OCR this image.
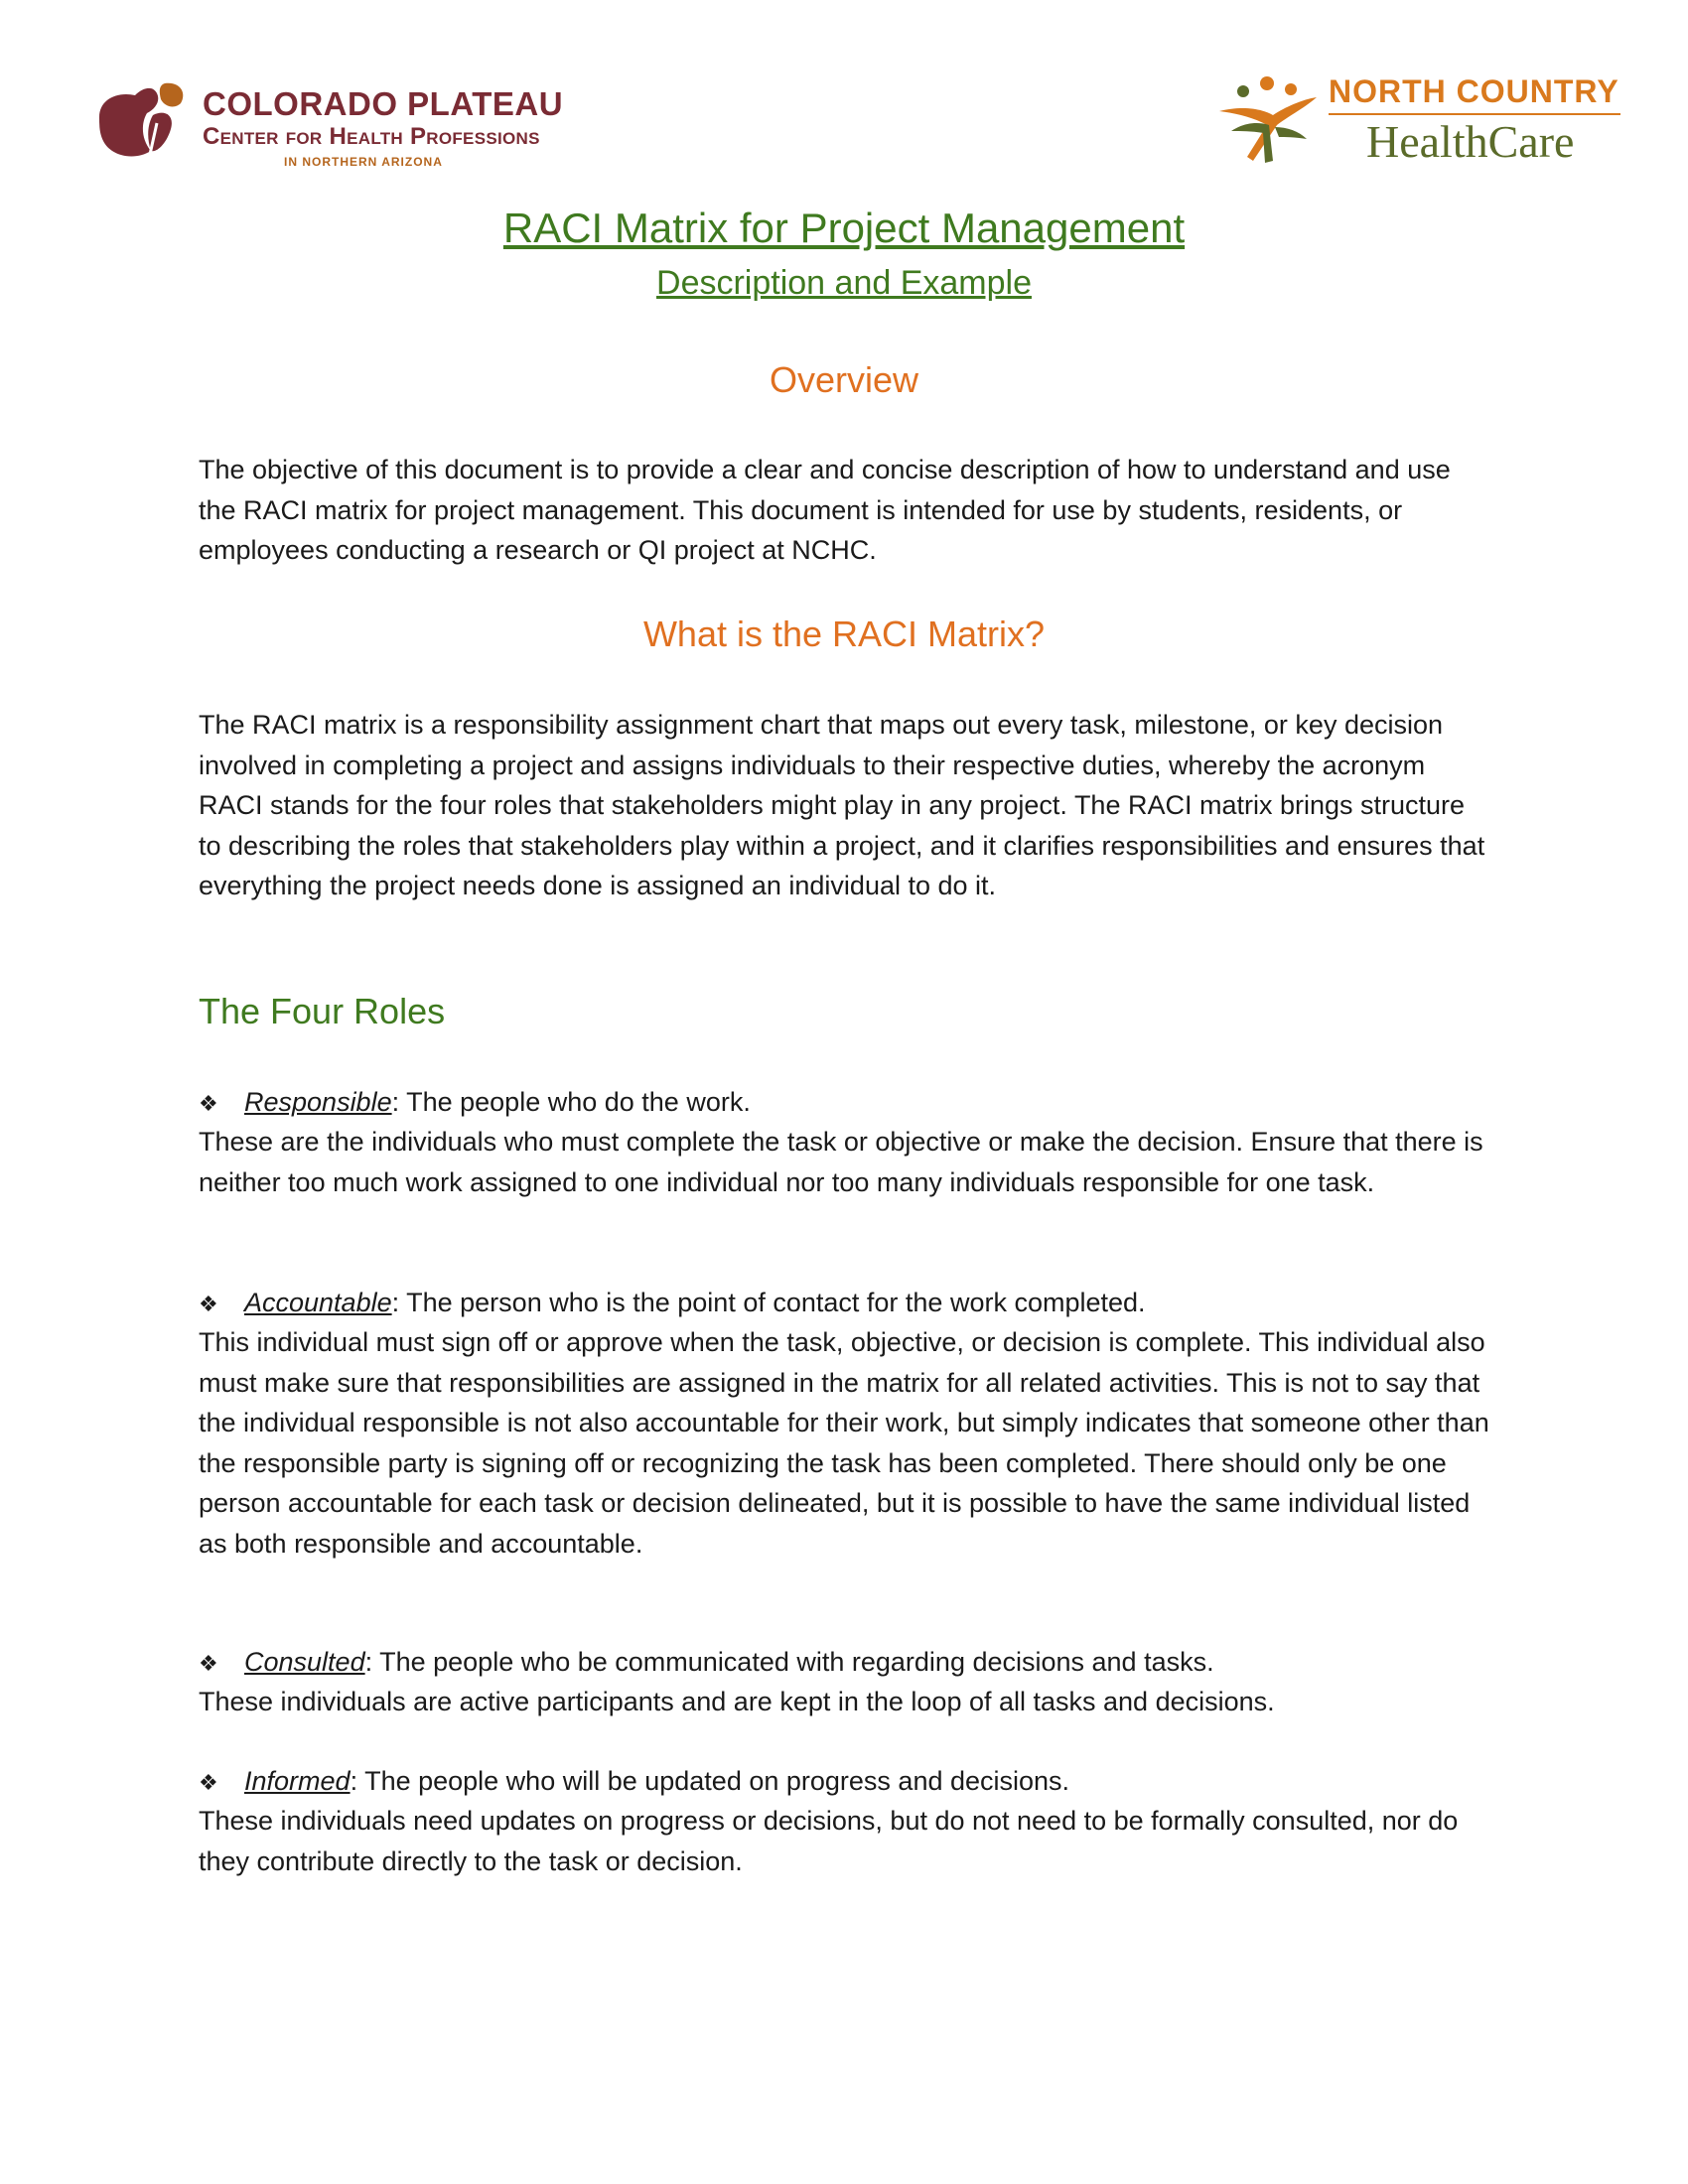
COLORADO PLATEAU
Center for Health Professions
IN NORTHERN ARIZONA
NORTH COUNTRY
HealthCare
RACI Matrix for Project Management
Description and Example
Overview
The objective of this document is to provide a clear and concise description of how to understand and use the RACI matrix for project management. This document is intended for use by students, residents, or employees conducting a research or QI project at NCHC.
What is the RACI Matrix?
The RACI matrix is a responsibility assignment chart that maps out every task, milestone, or key decision involved in completing a project and assigns individuals to their respective duties, whereby the acronym RACI stands for the four roles that stakeholders might play in any project. The RACI matrix brings structure to describing the roles that stakeholders play within a project, and it clarifies responsibilities and ensures that everything the project needs done is assigned an individual to do it.
The Four Roles
❖ Responsible: The people who do the work.
These are the individuals who must complete the task or objective or make the decision. Ensure that there is neither too much work assigned to one individual nor too many individuals responsible for one task.
❖ Accountable: The person who is the point of contact for the work completed.
This individual must sign off or approve when the task, objective, or decision is complete. This individual also must make sure that responsibilities are assigned in the matrix for all related activities. This is not to say that the individual responsible is not also accountable for their work, but simply indicates that someone other than the responsible party is signing off or recognizing the task has been completed. There should only be one person accountable for each task or decision delineated, but it is possible to have the same individual listed as both responsible and accountable.
❖ Consulted: The people who be communicated with regarding decisions and tasks.
These individuals are active participants and are kept in the loop of all tasks and decisions.
❖ Informed: The people who will be updated on progress and decisions.
These individuals need updates on progress or decisions, but do not need to be formally consulted, nor do they contribute directly to the task or decision.
